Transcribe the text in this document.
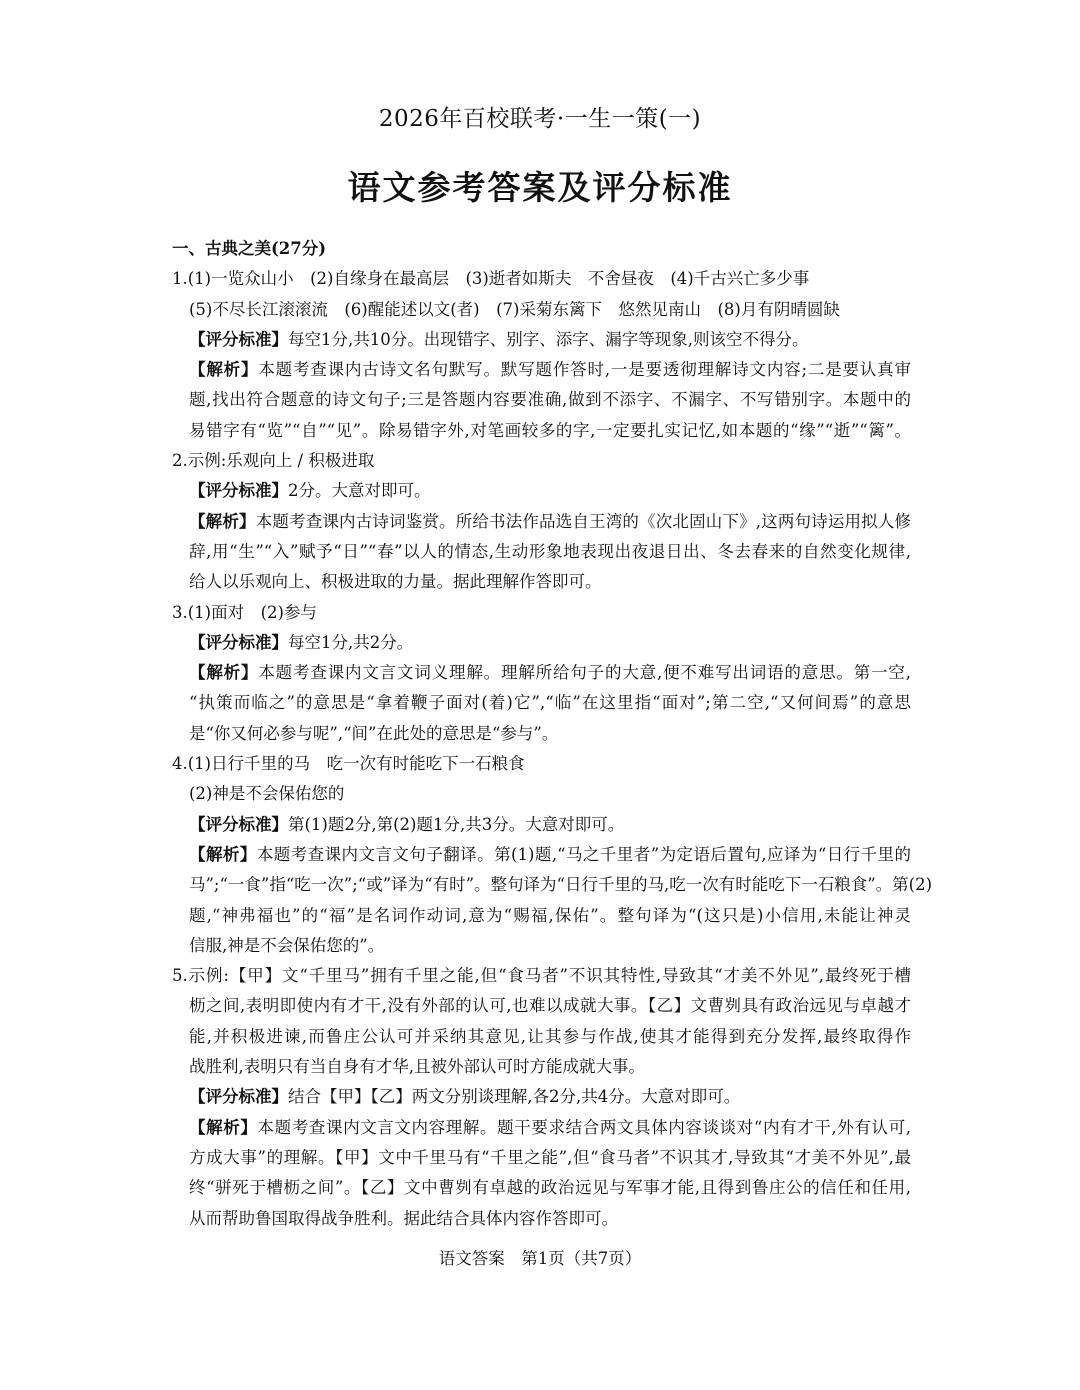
2026年百校联考·一生一策(一)
语文参考答案及评分标准
一、古典之美(27分)
1.(1)一览众山小　(2)自缘身在最高层　(3)逝者如斯夫　不舍昼夜　(4)千古兴亡多少事
(5)不尽长江滚滚流　(6)醒能述以文(者)　(7)采菊东篱下　悠然见南山　(8)月有阴晴圆缺
【评分标准】每空1分,共10分。出现错字、别字、添字、漏字等现象,则该空不得分。
【解析】本题考查课内古诗文名句默写。默写题作答时,一是要透彻理解诗文内容;二是要认真审
题,找出符合题意的诗文句子;三是答题内容要准确,做到不添字、不漏字、不写错别字。本题中的
易错字有“览”“自”“见”。除易错字外,对笔画较多的字,一定要扎实记忆,如本题的“缘”“逝”“篱”。
2.示例:乐观向上 / 积极进取
【评分标准】2分。大意对即可。
【解析】本题考查课内古诗词鉴赏。所给书法作品选自王湾的《次北固山下》,这两句诗运用拟人修
辞,用“生”“入”赋予“日”“春”以人的情态,生动形象地表现出夜退日出、冬去春来的自然变化规律,
给人以乐观向上、积极进取的力量。据此理解作答即可。
3.(1)面对　(2)参与
【评分标准】每空1分,共2分。
【解析】本题考查课内文言文词义理解。理解所给句子的大意,便不难写出词语的意思。第一空,
“执策而临之”的意思是“拿着鞭子面对(着)它”,“临”在这里指“面对”;第二空,“又何间焉”的意思
是“你又何必参与呢”,“间”在此处的意思是“参与”。
4.(1)日行千里的马　吃一次有时能吃下一石粮食
(2)神是不会保佑您的
【评分标准】第(1)题2分,第(2)题1分,共3分。大意对即可。
【解析】本题考查课内文言文句子翻译。第(1)题,“马之千里者”为定语后置句,应译为“日行千里的
马”;“一食”指“吃一次”;“或”译为“有时”。整句译为“日行千里的马,吃一次有时能吃下一石粮食”。第(2)
题,“神弗福也”的“福”是名词作动词,意为“赐福,保佑”。整句译为“(这只是)小信用,未能让神灵
信服,神是不会保佑您的”。
5.示例:【甲】文“千里马”拥有千里之能,但“食马者”不识其特性,导致其“才美不外见”,最终死于槽
枥之间,表明即使内有才干,没有外部的认可,也难以成就大事。【乙】文曹刿具有政治远见与卓越才
能,并积极进谏,而鲁庄公认可并采纳其意见,让其参与作战,使其才能得到充分发挥,最终取得作
战胜利,表明只有当自身有才华,且被外部认可时方能成就大事。
【评分标准】结合【甲】【乙】两文分别谈理解,各2分,共4分。大意对即可。
【解析】本题考查课内文言文内容理解。题干要求结合两文具体内容谈谈对“内有才干,外有认可,
方成大事”的理解。【甲】文中千里马有“千里之能”,但“食马者”不识其才,导致其“才美不外见”,最
终“骈死于槽枥之间”。【乙】文中曹刿有卓越的政治远见与军事才能,且得到鲁庄公的信任和任用,
从而帮助鲁国取得战争胜利。据此结合具体内容作答即可。
语文答案　第1页（共7页）
